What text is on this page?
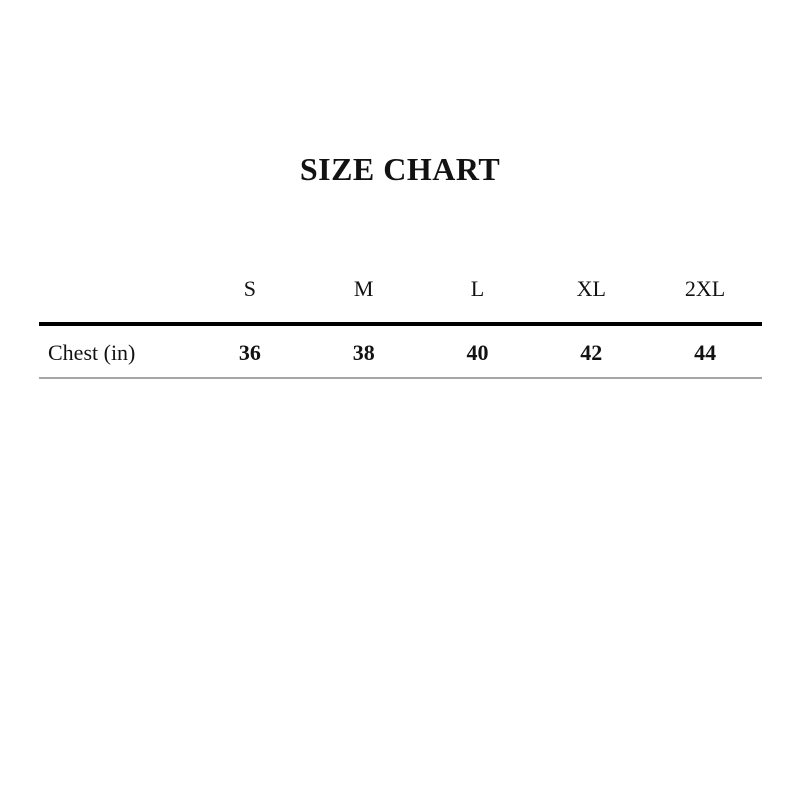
SIZE CHART
	S	M	L	XL	2XL
Chest (in)	36	38	40	42	44
